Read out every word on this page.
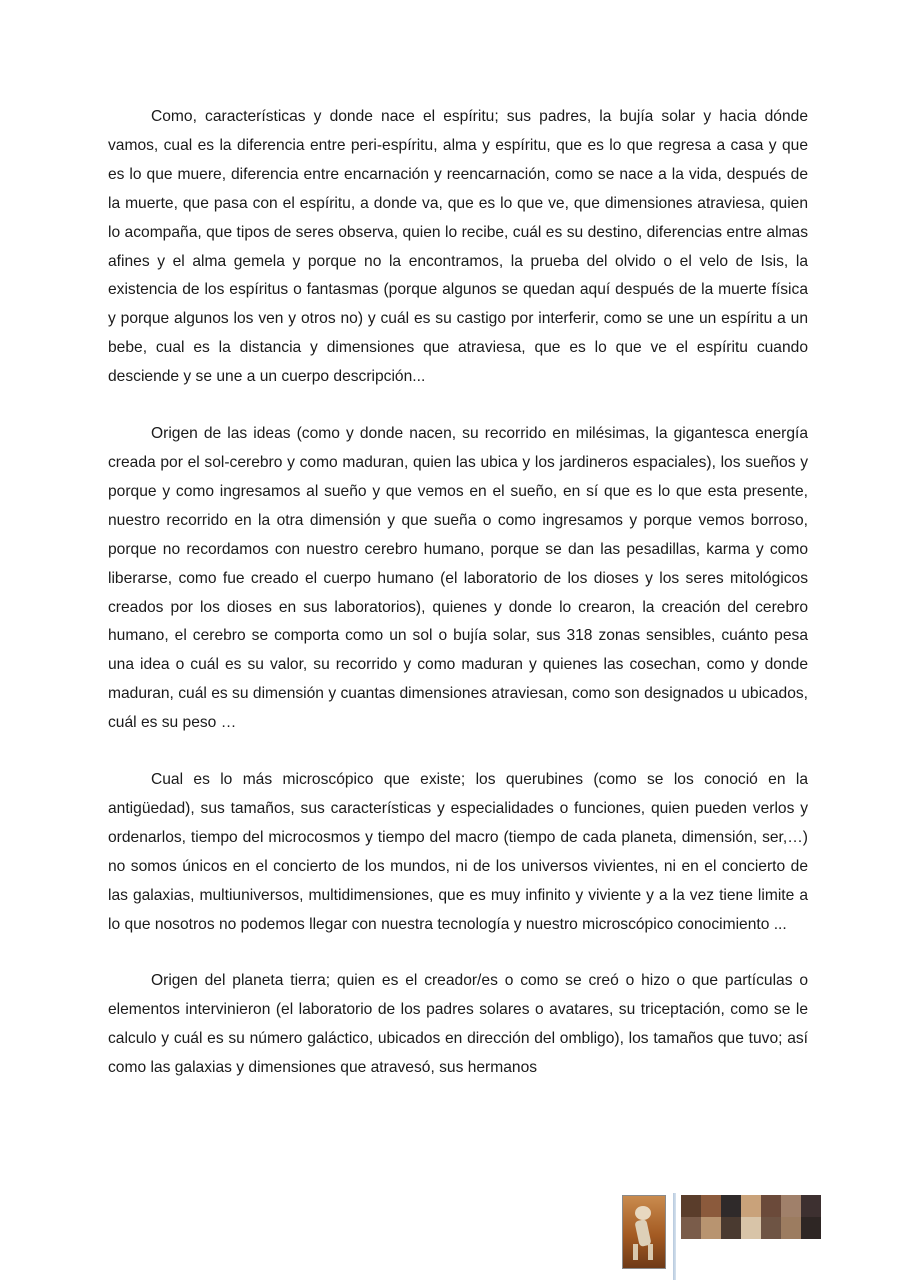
Como, características y donde nace el espíritu; sus padres, la bujía solar y hacia dónde vamos, cual es la diferencia entre peri-espíritu, alma y espíritu, que es lo que regresa a casa y que es lo que muere, diferencia entre encarnación y reencarnación, como se nace a la vida, después de la muerte, que pasa con el espíritu, a donde va, que es lo que ve, que dimensiones atraviesa, quien lo acompaña, que tipos de seres observa, quien lo recibe, cuál es su destino, diferencias entre almas afines y el alma gemela y porque no la encontramos, la prueba del olvido o el velo de Isis, la existencia de los espíritus o fantasmas (porque algunos se quedan aquí después de la muerte física y porque algunos los ven y otros no) y cuál es su castigo por interferir, como se une un espíritu a un bebe, cual es la distancia y dimensiones que atraviesa, que es lo que ve el espíritu cuando desciende y se une a un cuerpo descripción...

Origen de las ideas (como y donde nacen, su recorrido en milésimas, la gigantesca energía creada por el sol-cerebro y como maduran, quien las ubica y los jardineros espaciales), los sueños y porque y como ingresamos al sueño y que vemos en el sueño, en sí que es lo que esta presente, nuestro recorrido en la otra dimensión y que sueña o como ingresamos y porque vemos borroso, porque no recordamos con nuestro cerebro humano, porque se dan las pesadillas, karma y como liberarse, como fue creado el cuerpo humano (el laboratorio de los dioses y los seres mitológicos creados por los dioses en sus laboratorios), quienes y donde lo crearon, la creación del cerebro humano, el cerebro se comporta como un sol o bujía solar, sus 318 zonas sensibles, cuánto pesa una idea o cuál es su valor, su recorrido y como maduran y quienes las cosechan, como y donde maduran, cuál es su dimensión y cuantas dimensiones atraviesan, como son designados u ubicados, cuál es su peso …

Cual es lo más microscópico que existe; los querubines (como se los conoció en la antigüedad), sus tamaños, sus características y especialidades o funciones, quien pueden verlos y ordenarlos, tiempo del microcosmos y tiempo del macro (tiempo de cada planeta, dimensión, ser,…) no somos únicos en el concierto de los mundos, ni de los universos vivientes, ni en el concierto de las galaxias, multiuniversos, multidimensiones, que es muy infinito y viviente y a la vez tiene limite a lo que nosotros no podemos llegar con nuestra tecnología y nuestro microscópico conocimiento ...

Origen del planeta tierra; quien es el creador/es o como se creó o hizo o que partículas o elementos intervinieron (el laboratorio de los padres solares o avatares, su triceptación, como se le calculo y cuál es su número galáctico, ubicados en dirección del ombligo), los tamaños que tuvo; así como las galaxias y dimensiones que atravesó, sus hermanos
